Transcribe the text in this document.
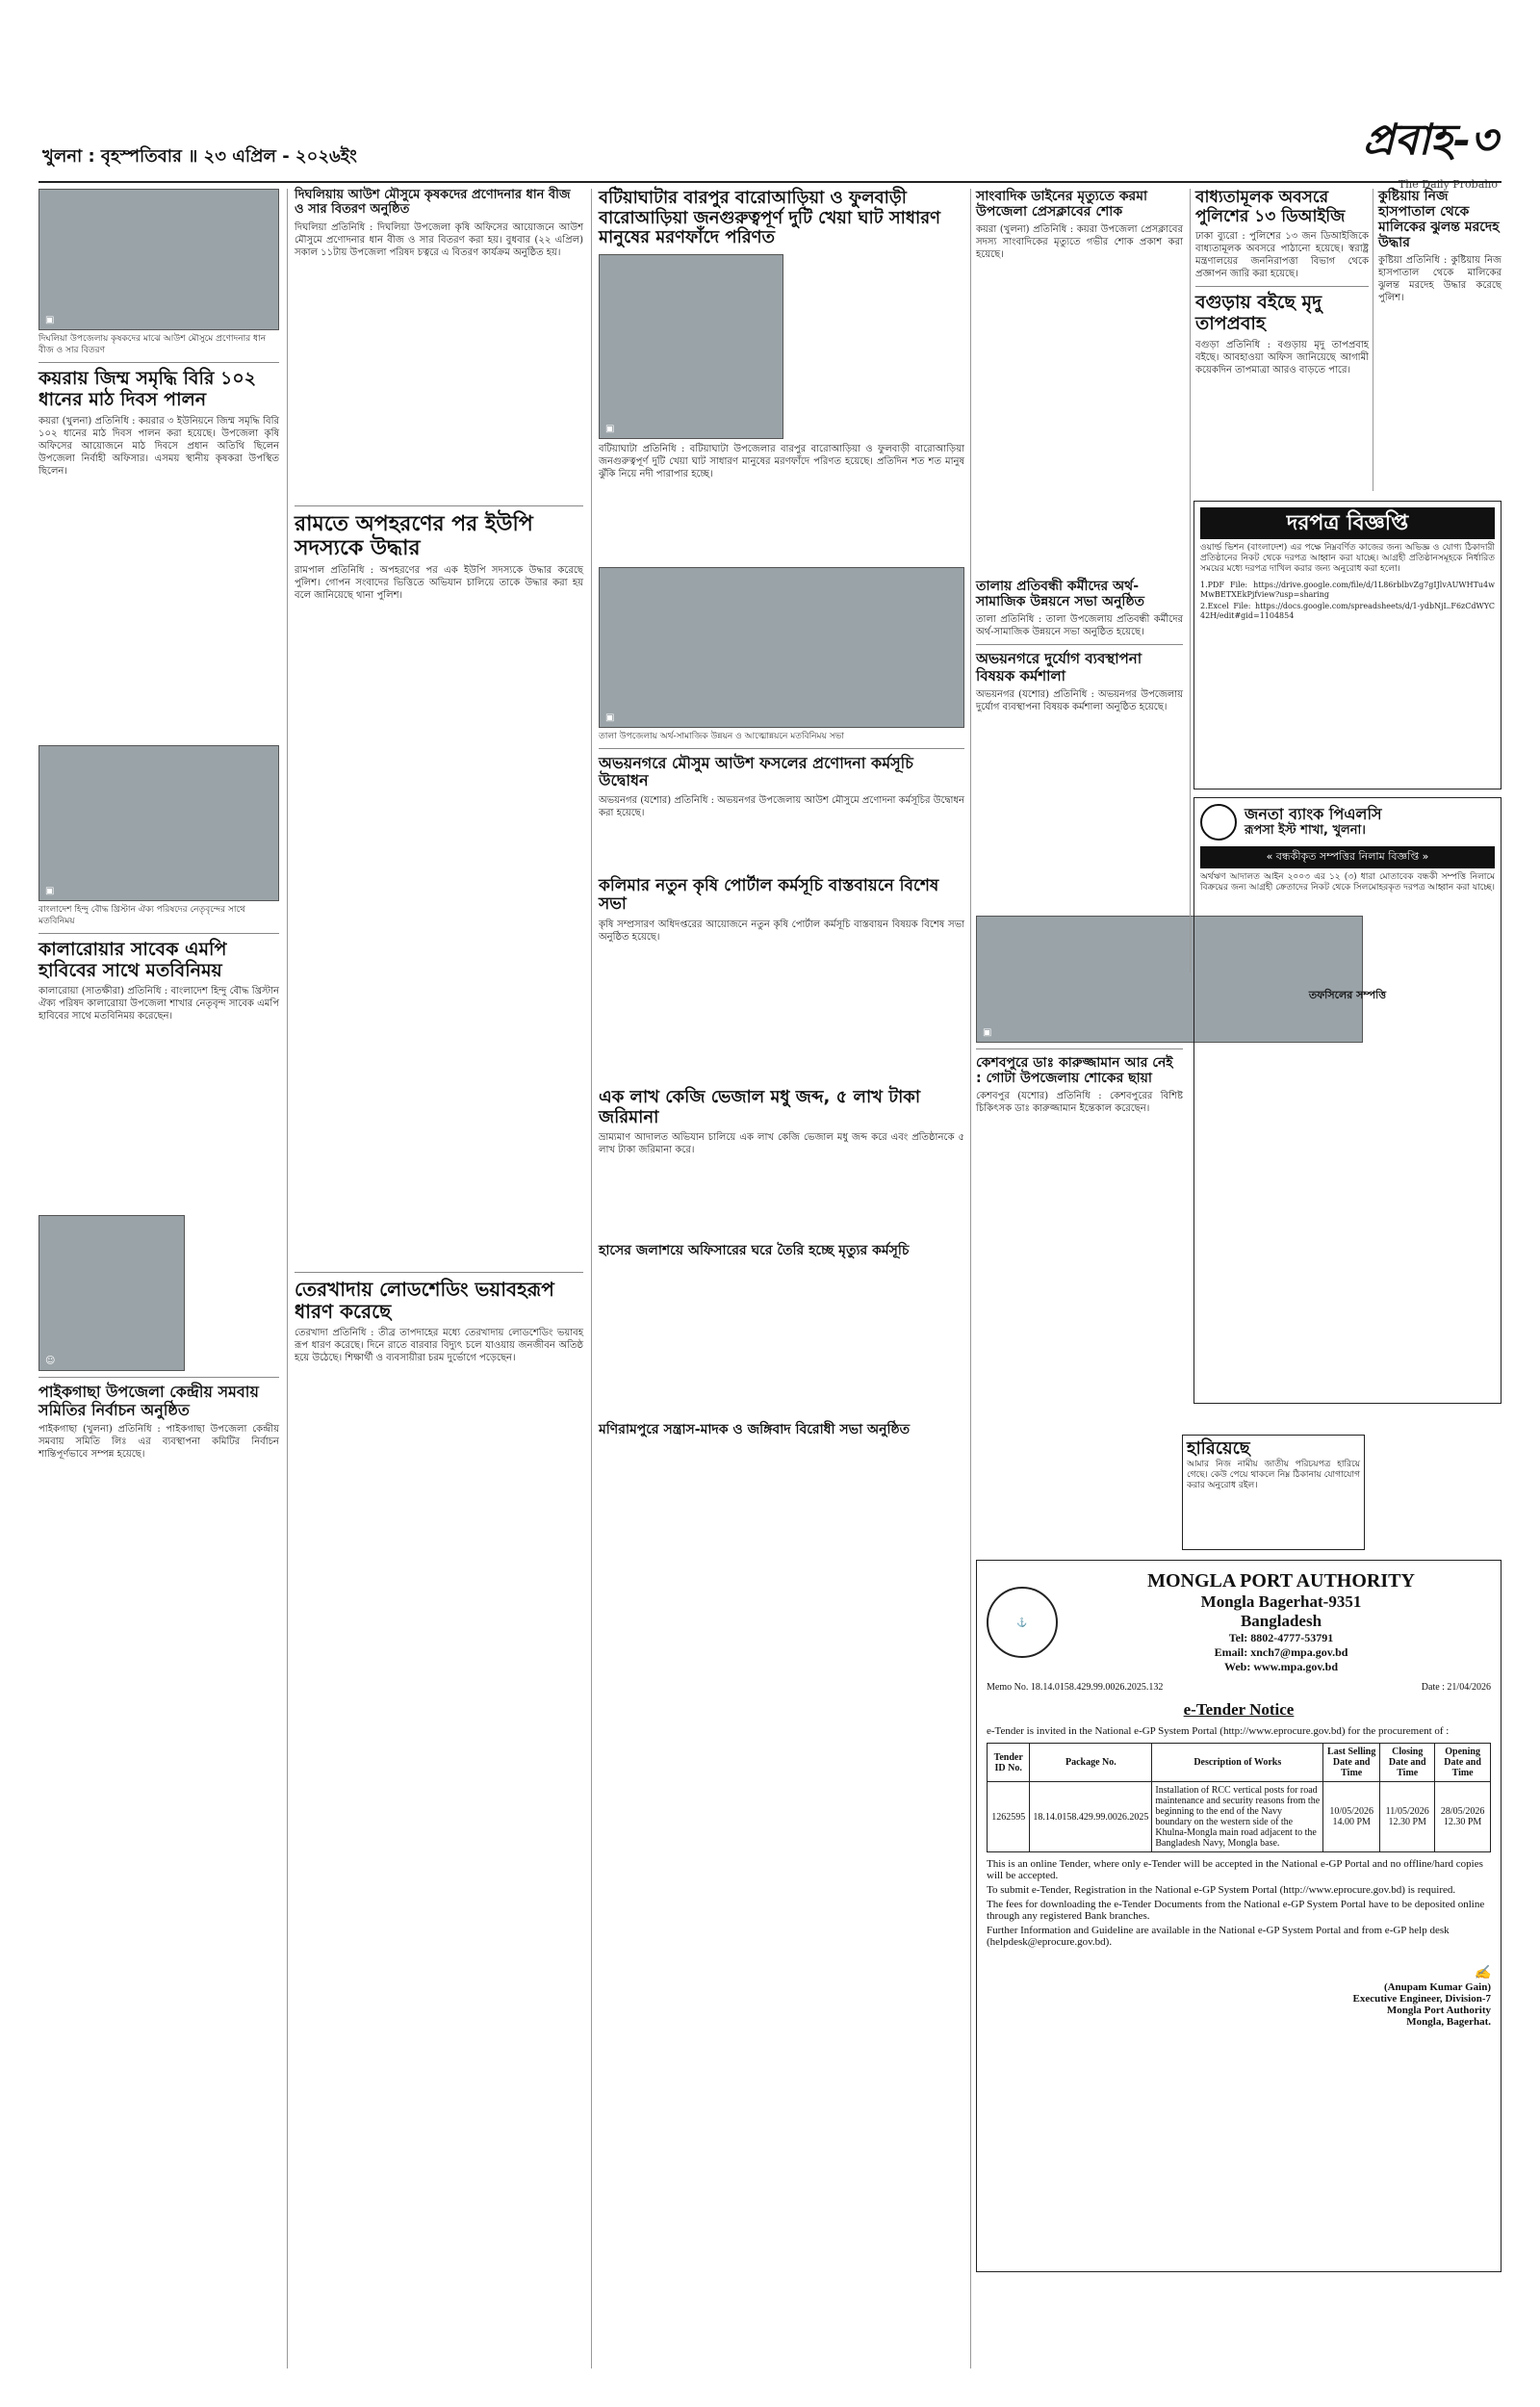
খুলনা : বৃহস্পতিবার ॥ ২৩ এপ্রিল - ২০২৬ইং	প্রবাহ-৩
The Daily Probaho
▣
দিঘলিয়া উপজেলায় কৃষকদের মাঝে আউশ মৌসুমে প্রণোদনার ধান বীজ ও সার বিতরণ
কয়রায় জিম্ম সমৃদ্ধি বিরি ১০২ ধানের মাঠ দিবস পালন
কয়রা (খুলনা) প্রতিনিধি : কয়রার ৩ ইউনিয়নে জিম্ম সমৃদ্ধি বিরি ১০২ ধানের মাঠ দিবস পালন করা হয়েছে। উপজেলা কৃষি অফিসের আয়োজনে মাঠ দিবসে প্রধান অতিথি ছিলেন উপজেলা নির্বাহী অফিসার। এসময় স্থানীয় কৃষকরা উপস্থিত ছিলেন।
▣
বাংলাদেশ হিন্দু বৌদ্ধ খ্রিস্টান ঐক্য পরিষদের নেতৃবৃন্দের সাথে মতবিনিময়
কালারোয়ার সাবেক এমপি হাবিবের সাথে মতবিনিময়
কালারোয়া (সাতক্ষীরা) প্রতিনিধি : বাংলাদেশ হিন্দু বৌদ্ধ খ্রিস্টান ঐক্য পরিষদ কালারোয়া উপজেলা শাখার নেতৃবৃন্দ সাবেক এমপি হাবিবের সাথে মতবিনিময় করেছেন।
☺
পাইকগাছা উপজেলা কেন্দ্রীয় সমবায় সমিতির নির্বাচন অনুষ্ঠিত
পাইকগাছা (খুলনা) প্রতিনিধি : পাইকগাছা উপজেলা কেন্দ্রীয় সমবায় সমিতি লিঃ এর ব্যবস্থাপনা কমিটির নির্বাচন শান্তিপূর্ণভাবে সম্পন্ন হয়েছে।
দিঘলিয়ায় আউশ মৌসুমে কৃষকদের প্রণোদনার ধান বীজ ও সার বিতরণ অনুষ্ঠিত
দিঘলিয়া প্রতিনিধি : দিঘলিয়া উপজেলা কৃষি অফিসের আয়োজনে আউশ মৌসুমে প্রণোদনার ধান বীজ ও সার বিতরণ করা হয়। বুধবার (২২ এপ্রিল) সকাল ১১টায় উপজেলা পরিষদ চত্বরে এ বিতরণ কার্যক্রম অনুষ্ঠিত হয়।
রামতে অপহরণের পর ইউপি সদস্যকে উদ্ধার
রামপাল প্রতিনিধি : অপহরণের পর এক ইউপি সদস্যকে উদ্ধার করেছে পুলিশ। গোপন সংবাদের ভিত্তিতে অভিযান চালিয়ে তাকে উদ্ধার করা হয় বলে জানিয়েছে থানা পুলিশ।
তেরখাদায় লোডশেডিং ভয়াবহরূপ ধারণ করেছে
তেরখাদা প্রতিনিধি : তীব্র তাপদাহের মধ্যে তেরখাদায় লোডশেডিং ভয়াবহ রূপ ধারণ করেছে। দিনে রাতে বারবার বিদ্যুৎ চলে যাওয়ায় জনজীবন অতিষ্ঠ হয়ে উঠেছে। শিক্ষার্থী ও ব্যবসায়ীরা চরম দুর্ভোগে পড়েছেন।
বটিয়াঘাটার বারপুর বারোআড়িয়া ও ফুলবাড়ী বারোআড়িয়া জনগুরুত্বপূর্ণ দুটি খেয়া ঘাট সাধারণ মানুষের মরণফাঁদে পরিণত
▣
বটিয়াঘাটা প্রতিনিধি : বটিয়াঘাটা উপজেলার বারপুর বারোআড়িয়া ও ফুলবাড়ী বারোআড়িয়া জনগুরুত্বপূর্ণ দুটি খেয়া ঘাট সাধারণ মানুষের মরণফাঁদে পরিণত হয়েছে। প্রতিদিন শত শত মানুষ ঝুঁকি নিয়ে নদী পারাপার হচ্ছে।
▣
তালা উপজেলায় অর্থ-সামাজিক উন্নয়ন ও আত্মোন্নয়নে মতবিনিময় সভা
অভয়নগরে মৌসুম আউশ ফসলের প্রণোদনা কর্মসূচি উদ্বোধন
অভয়নগর (যশোর) প্রতিনিধি : অভয়নগর উপজেলায় আউশ মৌসুমে প্রণোদনা কর্মসূচির উদ্বোধন করা হয়েছে।
কলিমার নতুন কৃষি পোর্টাল কর্মসূচি বাস্তবায়নে বিশেষ সভা
কৃষি সম্প্রসারণ অধিদপ্তরের আয়োজনে নতুন কৃষি পোর্টাল কর্মসূচি বাস্তবায়ন বিষয়ক বিশেষ সভা অনুষ্ঠিত হয়েছে।
এক লাখ কেজি ভেজাল মধু জব্দ, ৫ লাখ টাকা জরিমানা
ভ্রাম্যমাণ আদালত অভিযান চালিয়ে এক লাখ কেজি ভেজাল মধু জব্দ করে এবং প্রতিষ্ঠানকে ৫ লাখ টাকা জরিমানা করে।
হাসের জলাশয়ে অফিসারের ঘরে তৈরি হচ্ছে মৃত্যুর কর্মসূচি
মণিরামপুরে সন্ত্রাস-মাদক ও জঙ্গিবাদ বিরোধী সভা অনুষ্ঠিত
সাংবাদিক ডাইনের মৃত্যুতে করমা উপজেলা প্রেসক্লাবের শোক
কয়রা (খুলনা) প্রতিনিধি : কয়রা উপজেলা প্রেসক্লাবের সদস্য সাংবাদিকের মৃত্যুতে গভীর শোক প্রকাশ করা হয়েছে।
তালায় প্রতিবন্ধী কর্মীদের অর্থ-সামাজিক উন্নয়নে সভা অনুষ্ঠিত
তালা প্রতিনিধি : তালা উপজেলায় প্রতিবন্ধী কর্মীদের অর্থ-সামাজিক উন্নয়নে সভা অনুষ্ঠিত হয়েছে।
অভয়নগরে দুর্যোগ ব্যবস্থাপনা বিষয়ক কর্মশালা
অভয়নগর (যশোর) প্রতিনিধি : অভয়নগর উপজেলায় দুর্যোগ ব্যবস্থাপনা বিষয়ক কর্মশালা অনুষ্ঠিত হয়েছে।
▣
কেশবপুরে ডাঃ কারুজ্জামান আর নেই : গোটা উপজেলায় শোকের ছায়া
কেশবপুর (যশোর) প্রতিনিধি : কেশবপুরের বিশিষ্ট চিকিৎসক ডাঃ কারুজ্জামান ইন্তেকাল করেছেন।
হারিয়েছে
আমার নিজ নামীয় জাতীয় পরিচয়পত্র হারিয়ে গেছে। কেউ পেয়ে থাকলে নিম্ন ঠিকানায় যোগাযোগ করার অনুরোধ রইল।
বাধ্যতামূলক অবসরে পুলিশের ১৩ ডিআইজি
ঢাকা ব্যুরো : পুলিশের ১৩ জন ডিআইজিকে বাধ্যতামূলক অবসরে পাঠানো হয়েছে। স্বরাষ্ট্র মন্ত্রণালয়ের জননিরাপত্তা বিভাগ থেকে প্রজ্ঞাপন জারি করা হয়েছে।
বগুড়ায় বইছে মৃদু তাপপ্রবাহ
বগুড়া প্রতিনিধি : বগুড়ায় মৃদু তাপপ্রবাহ বইছে। আবহাওয়া অফিস জানিয়েছে আগামী কয়েকদিন তাপমাত্রা আরও বাড়তে পারে।
কুষ্টিয়ায় নিজ হাসপাতাল থেকে মালিকের ঝুলন্ত মরদেহ উদ্ধার
কুষ্টিয়া প্রতিনিধি : কুষ্টিয়ায় নিজ হাসপাতাল থেকে মালিকের ঝুলন্ত মরদেহ উদ্ধার করেছে পুলিশ।
দরপত্র বিজ্ঞপ্তি
ওয়ার্ল্ড ভিশন (বাংলাদেশ) এর পক্ষে নিম্নবর্ণিত কাজের জন্য অভিজ্ঞ ও যোগ্য ঠিকাদারী প্রতিষ্ঠানের নিকট থেকে দরপত্র আহ্বান করা যাচ্ছে। আগ্রহী প্রতিষ্ঠানসমূহকে নির্ধারিত সময়ের মধ্যে দরপত্র দাখিল করার জন্য অনুরোধ করা হলো।
1.PDF File: https://drive.google.com/file/d/1L86rblbvZg7gIJlvAUWHTu4wMwBETXEkPjfview?usp=sharing
2.Excel File: https://docs.google.com/spreadsheets/d/1-ydbNjL.F6zCdWYC42H/edit#gid=1104854
জনতা ব্যাংক পিএলসি
রূপসা ইস্ট শাখা, খুলনা।
« বন্ধকীকৃত সম্পত্তির নিলাম বিজ্ঞপ্তি »
অর্থঋণ আদালত আইন ২০০৩ এর ১২ (৩) ধারা মোতাবেক বন্ধকী সম্পত্তি নিলামে বিক্রয়ের জন্য আগ্রহী ক্রেতাদের নিকট থেকে সিলমোহরকৃত দরপত্র আহ্বান করা যাচ্ছে।
তফসিলের সম্পত্তি
⚓
MONGLA PORT AUTHORITY
Mongla Bagerhat-9351
Bangladesh
Tel: 8802-4777-53791
Email: xnch7@mpa.gov.bd
Web: www.mpa.gov.bd
Memo No. 18.14.0158.429.99.0026.2025.132	Date : 21/04/2026
e-Tender Notice
e-Tender is invited in the National e-GP System Portal (http://www.eprocure.gov.bd) for the procurement of :
Tender ID No.	Package No.	Description of Works	Last Selling Date and Time	Closing Date and Time	Opening Date and Time
1262595	18.14.0158.429.99.0026.2025	Installation of RCC vertical posts for road maintenance and security reasons from the beginning to the end of the Navy boundary on the western side of the Khulna-Mongla main road adjacent to the Bangladesh Navy, Mongla base.	10/05/2026 14.00 PM	11/05/2026 12.30 PM	28/05/2026 12.30 PM
This is an online Tender, where only e-Tender will be accepted in the National e-GP Portal and no offline/hard copies will be accepted.
To submit e-Tender, Registration in the National e-GP System Portal (http://www.eprocure.gov.bd) is required.
The fees for downloading the e-Tender Documents from the National e-GP System Portal have to be deposited online through any registered Bank branches.
Further Information and Guideline are available in the National e-GP System Portal and from e-GP help desk (helpdesk@eprocure.gov.bd).
✍
(Anupam Kumar Gain)
Executive Engineer, Division-7
Mongla Port Authority
Mongla, Bagerhat.
